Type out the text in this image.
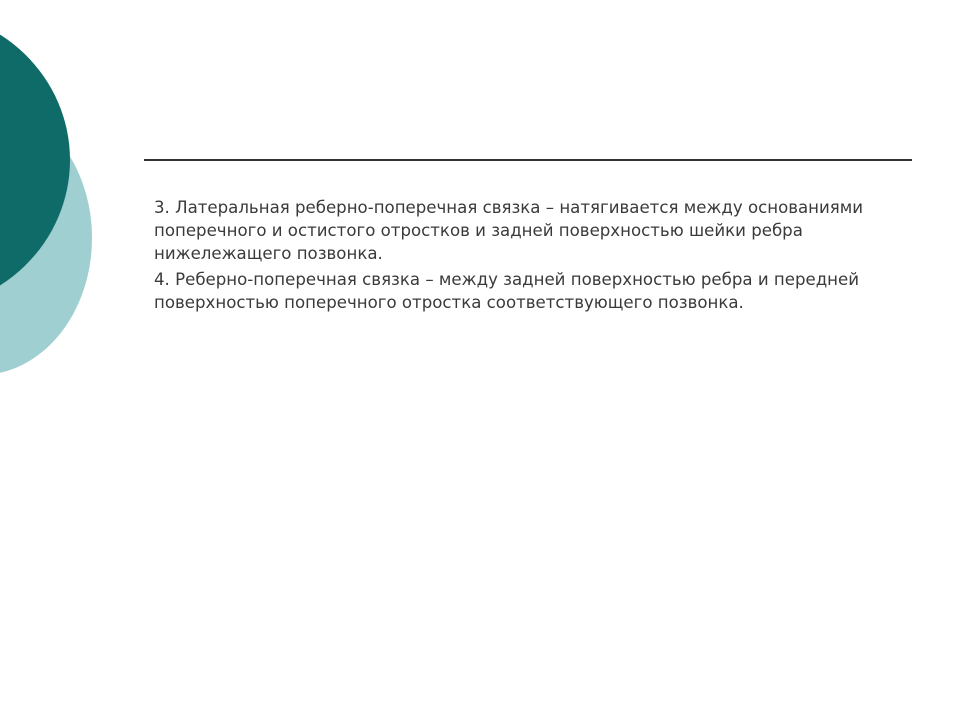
3. Латеральная реберно-поперечная связка – натягивается между основаниями поперечного и остистого отростков и задней поверхностью шейки ребра нижележащего позвонка.

4. Реберно-поперечная связка – между задней поверхностью ребра и передней поверхностью поперечного отростка соответствующего позвонка.
